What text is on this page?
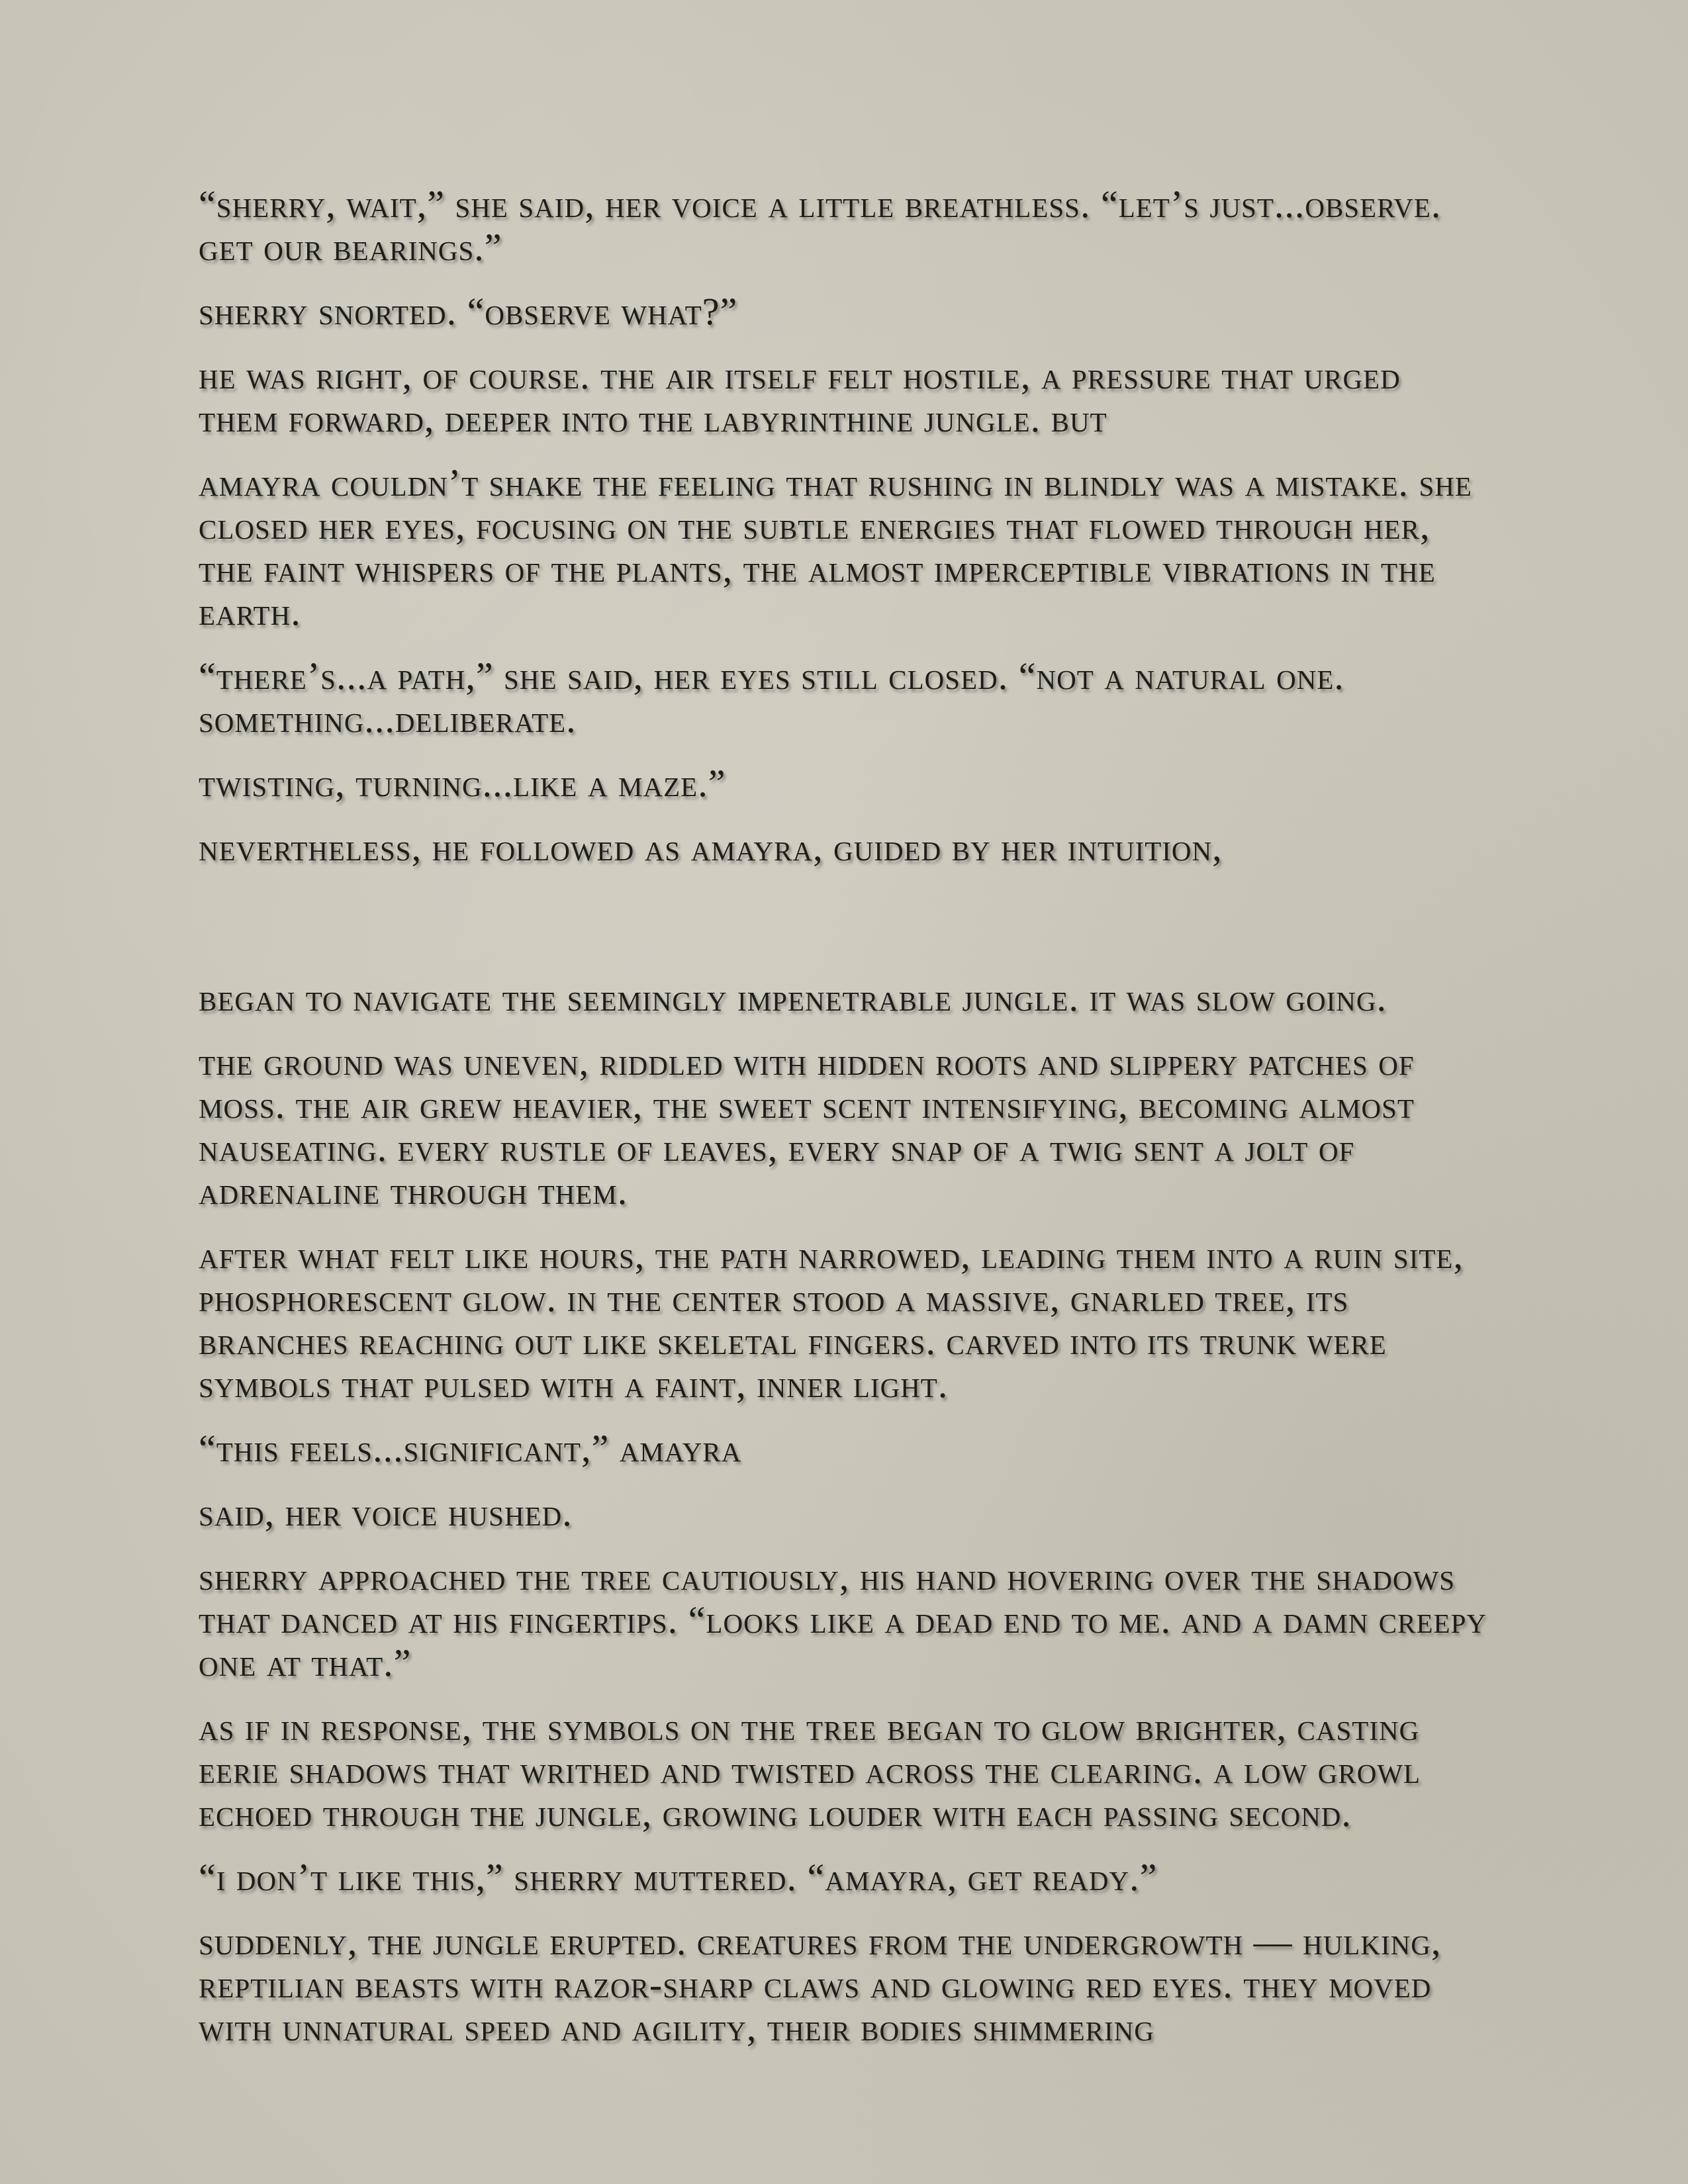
“sherry, wait,” she said, her voice a little breathless. “let’s just...observe. get our bearings.”

sherry snorted. “observe what?”

he was right, of course. the air itself felt hostile, a pressure that urged them forward, deeper into the labyrinthine jungle. but

amayra couldn’t shake the feeling that rushing in blindly was a mistake. she closed her eyes, focusing on the subtle energies that flowed through her, the faint whispers of the plants, the almost imperceptible vibrations in the earth.

“there’s...a path,” she said, her eyes still closed. “not a natural one. something...deliberate.

twisting, turning...like a maze.”

nevertheless, he followed as amayra, guided by her intuition,

began to navigate the seemingly impenetrable jungle. it was slow going.

the ground was uneven, riddled with hidden roots and slippery patches of moss. the air grew heavier, the sweet scent intensifying, becoming almost nauseating. every rustle of leaves, every snap of a twig sent a jolt of adrenaline through them.

after what felt like hours, the path narrowed, leading them into a ruin site, phosphorescent glow. in the center stood a massive, gnarled tree, its branches reaching out like skeletal fingers. carved into its trunk were symbols that pulsed with a faint, inner light.

“this feels...significant,” amayra

said, her voice hushed.

sherry approached the tree cautiously, his hand hovering over the shadows that danced at his fingertips. “looks like a dead end to me. and a damn creepy one at that.”

as if in response, the symbols on the tree began to glow brighter, casting eerie shadows that writhed and twisted across the clearing. a low growl echoed through the jungle, growing louder with each passing second.

“i don’t like this,” sherry muttered. “amayra, get ready.”

suddenly, the jungle erupted. creatures from the undergrowth — hulking, reptilian beasts with razor-sharp claws and glowing red eyes. they moved with unnatural speed and agility, their bodies shimmering
